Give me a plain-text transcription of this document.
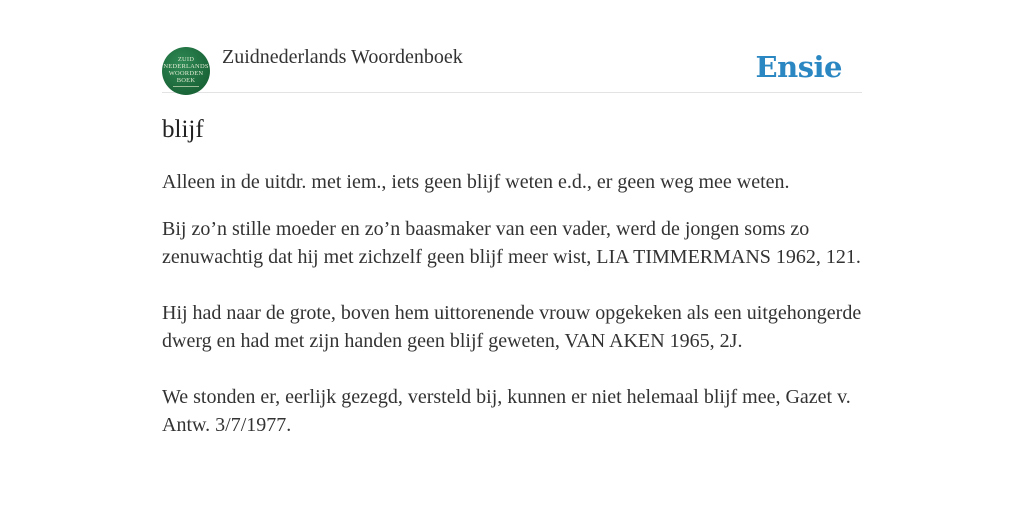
ZUID
NEDERLANDS
WOORDEN
BOEK
Zuidnederlands Woordenboek	Ensie
blijf

Alleen in de uitdr. met iem., iets geen blijf weten e.d., er geen weg mee weten.

Bij zo’n stille moeder en zo’n baasmaker van een vader, werd de jongen soms zo zenuwachtig dat hij met zichzelf geen blijf meer wist, LIA TIMMERMANS 1962, 121.

Hij had naar de grote, boven hem uittorenende vrouw opgekeken als een uitgehongerde dwerg en had met zijn handen geen blijf geweten, VAN AKEN 1965, 2J.

We stonden er, eerlijk gezegd, versteld bij, kunnen er niet helemaal blijf mee, Gazet v. Antw. 3/7/1977.
